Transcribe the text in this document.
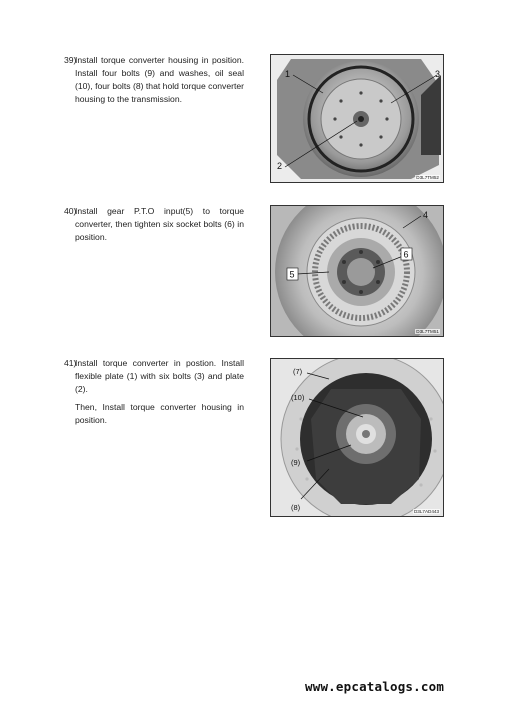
39)

Install torque converter housing in position. Install four bolts (9) and washes, oil seal (10), four bolts (8) that hold torque converter housing to the transmission.

1	3
2
D3L7TM52
40)

Install gear P.T.O input(5) to torque converter, then tighten six socket bolts (6) in position.

4
5
6
D3L7TM51
41)

Install torque converter in postion. Install flexible plate (1) with six bolts (3) and plate (2).

Then, Install torque converter housing in position.

(7)
(10)
(9)
(8)	D3L7AD443
www.epcatalogs.com
